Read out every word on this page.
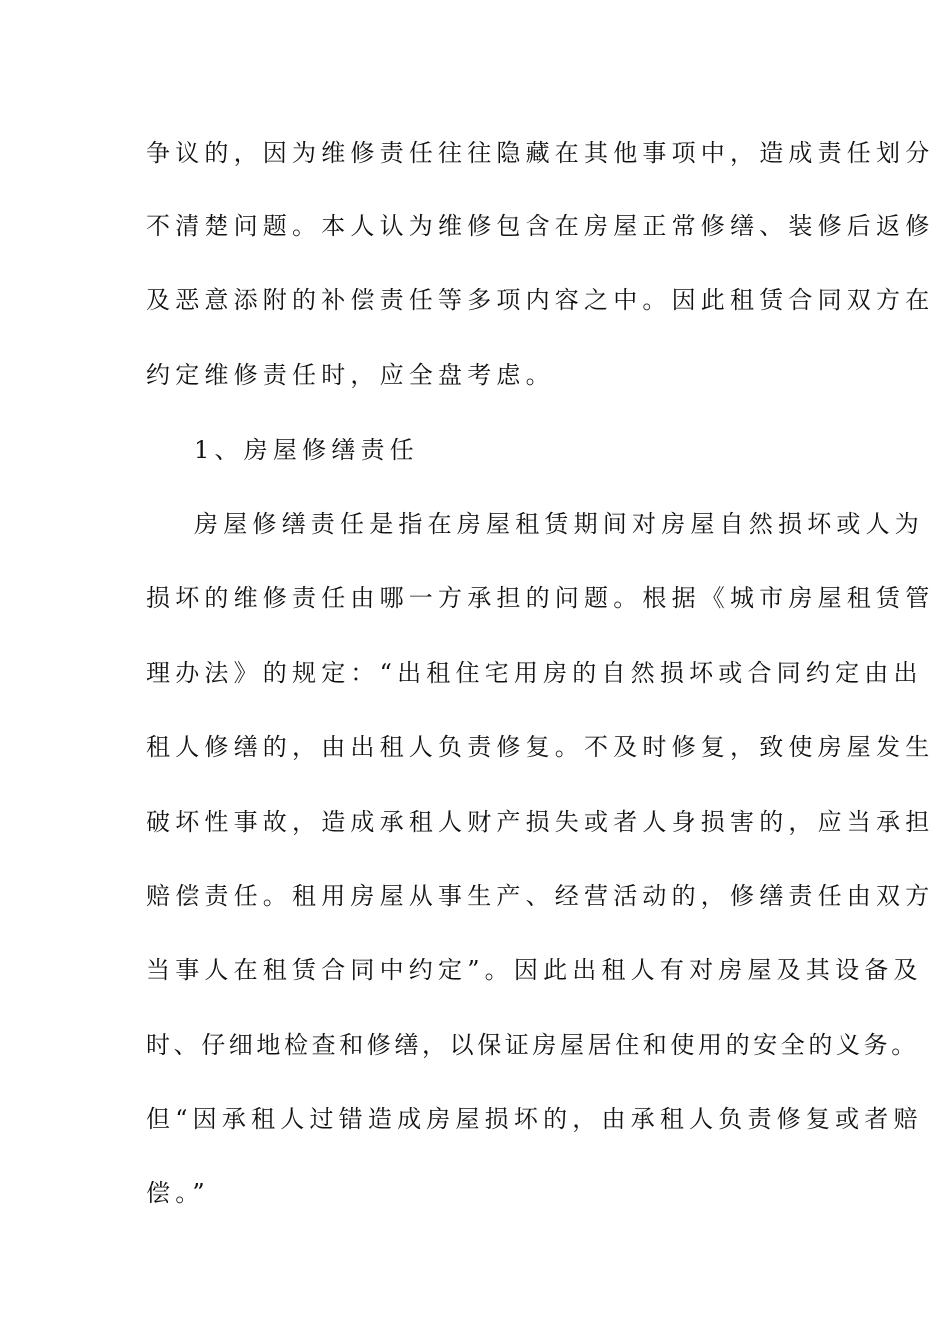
争议的，因为维修责任往往隐藏在其他事项中，造成责任划分
不清楚问题。本人认为维修包含在房屋正常修缮、装修后返修
及恶意添附的补偿责任等多项内容之中。因此租赁合同双方在
约定维修责任时，应全盘考虑。
1、房屋修缮责任
房屋修缮责任是指在房屋租赁期间对房屋自然损坏或人为
损坏的维修责任由哪一方承担的问题。根据《城市房屋租赁管
理办法》的规定：“出租住宅用房的自然损坏或合同约定由出
租人修缮的，由出租人负责修复。不及时修复，致使房屋发生
破坏性事故，造成承租人财产损失或者人身损害的，应当承担
赔偿责任。租用房屋从事生产、经营活动的，修缮责任由双方
当事人在租赁合同中约定”。因此出租人有对房屋及其设备及
时、仔细地检查和修缮，以保证房屋居住和使用的安全的义务。
但“因承租人过错造成房屋损坏的，由承租人负责修复或者赔
偿。”
